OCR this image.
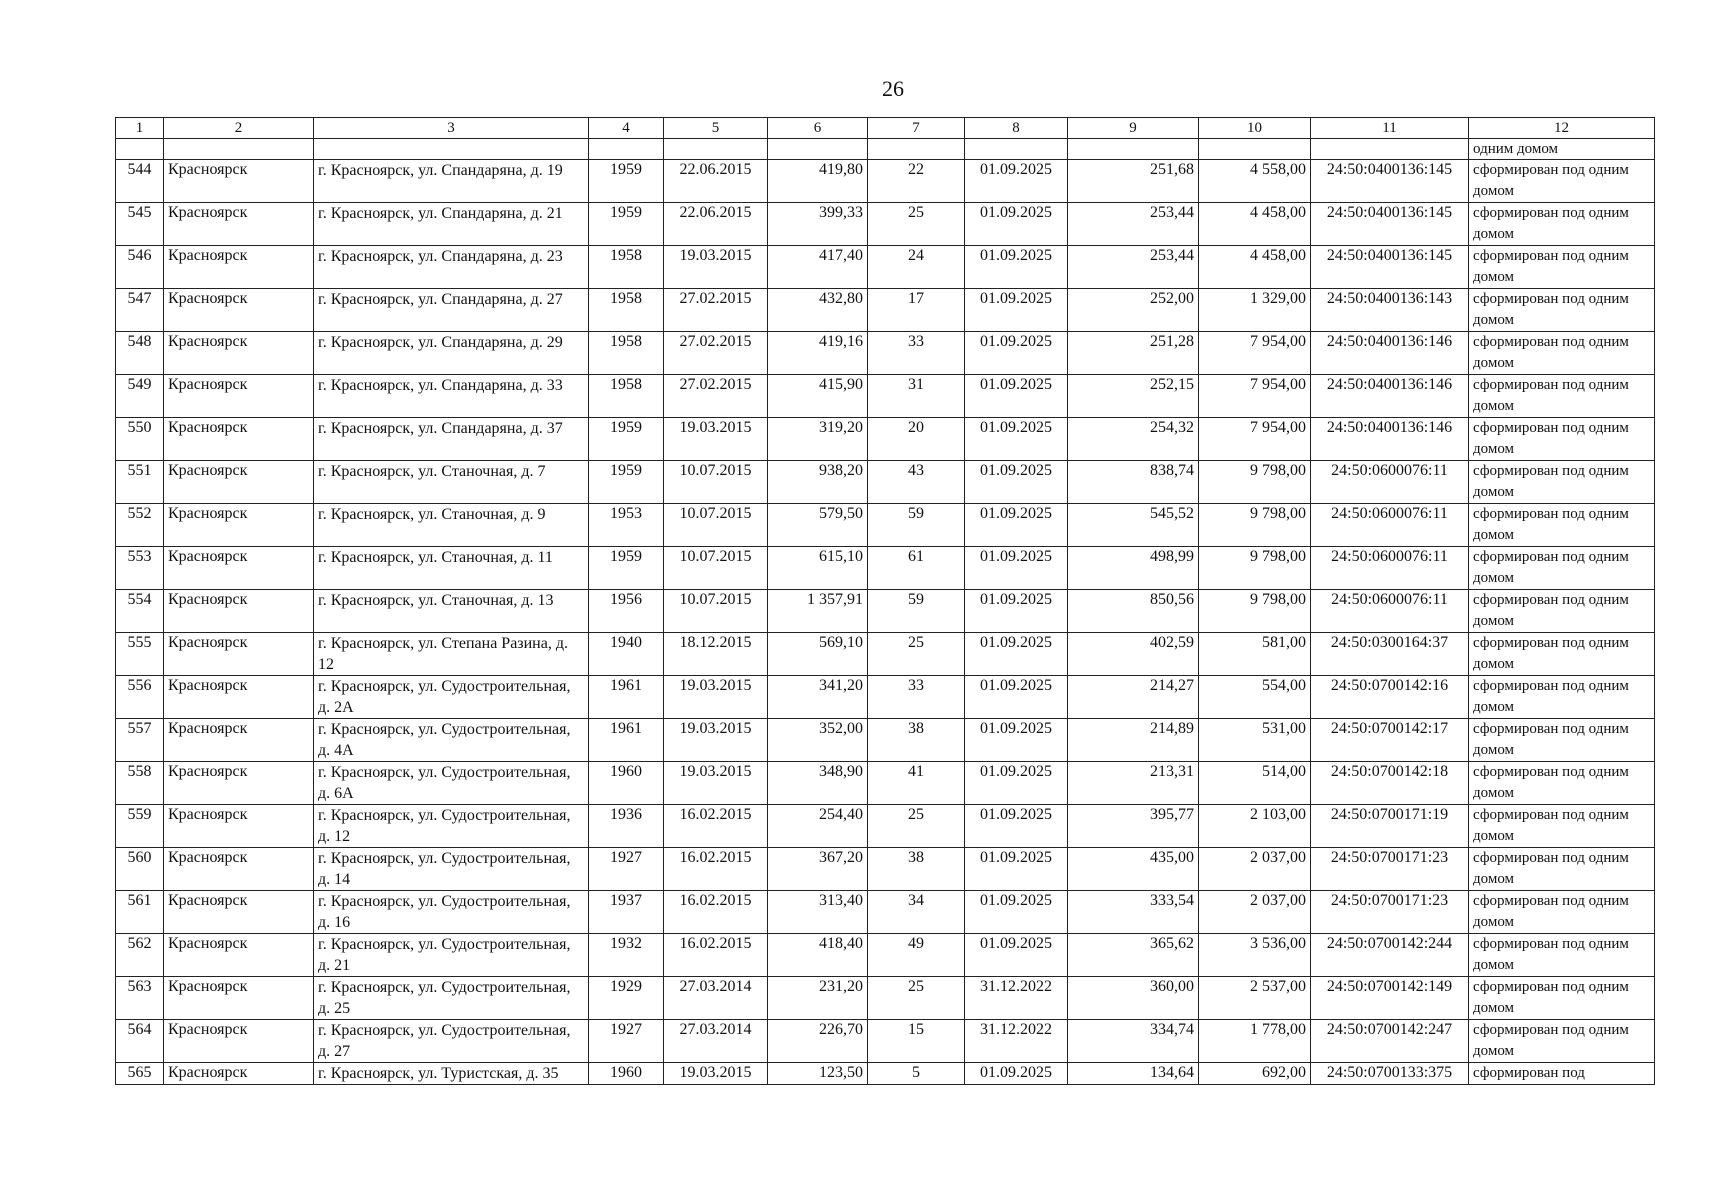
26
1	2	3	4	5	6	7	8	9	10	11	12
											одним домом
544	Красноярск	г. Красноярск, ул. Спандаряна, д. 19	1959	22.06.2015	419,80	22	01.09.2025	251,68	4 558,00	24:50:0400136:145	сформирован под одним домом
545	Красноярск	г. Красноярск, ул. Спандаряна, д. 21	1959	22.06.2015	399,33	25	01.09.2025	253,44	4 458,00	24:50:0400136:145	сформирован под одним домом
546	Красноярск	г. Красноярск, ул. Спандаряна, д. 23	1958	19.03.2015	417,40	24	01.09.2025	253,44	4 458,00	24:50:0400136:145	сформирован под одним домом
547	Красноярск	г. Красноярск, ул. Спандаряна, д. 27	1958	27.02.2015	432,80	17	01.09.2025	252,00	1 329,00	24:50:0400136:143	сформирован под одним домом
548	Красноярск	г. Красноярск, ул. Спандаряна, д. 29	1958	27.02.2015	419,16	33	01.09.2025	251,28	7 954,00	24:50:0400136:146	сформирован под одним домом
549	Красноярск	г. Красноярск, ул. Спандаряна, д. 33	1958	27.02.2015	415,90	31	01.09.2025	252,15	7 954,00	24:50:0400136:146	сформирован под одним домом
550	Красноярск	г. Красноярск, ул. Спандаряна, д. 37	1959	19.03.2015	319,20	20	01.09.2025	254,32	7 954,00	24:50:0400136:146	сформирован под одним домом
551	Красноярск	г. Красноярск, ул. Станочная, д. 7	1959	10.07.2015	938,20	43	01.09.2025	838,74	9 798,00	24:50:0600076:11	сформирован под одним домом
552	Красноярск	г. Красноярск, ул. Станочная, д. 9	1953	10.07.2015	579,50	59	01.09.2025	545,52	9 798,00	24:50:0600076:11	сформирован под одним домом
553	Красноярск	г. Красноярск, ул. Станочная, д. 11	1959	10.07.2015	615,10	61	01.09.2025	498,99	9 798,00	24:50:0600076:11	сформирован под одним домом
554	Красноярск	г. Красноярск, ул. Станочная, д. 13	1956	10.07.2015	1 357,91	59	01.09.2025	850,56	9 798,00	24:50:0600076:11	сформирован под одним домом
555	Красноярск	г. Красноярск, ул. Степана Разина, д. 12	1940	18.12.2015	569,10	25	01.09.2025	402,59	581,00	24:50:0300164:37	сформирован под одним домом
556	Красноярск	г. Красноярск, ул. Судостроительная, д. 2А	1961	19.03.2015	341,20	33	01.09.2025	214,27	554,00	24:50:0700142:16	сформирован под одним домом
557	Красноярск	г. Красноярск, ул. Судостроительная, д. 4А	1961	19.03.2015	352,00	38	01.09.2025	214,89	531,00	24:50:0700142:17	сформирован под одним домом
558	Красноярск	г. Красноярск, ул. Судостроительная, д. 6А	1960	19.03.2015	348,90	41	01.09.2025	213,31	514,00	24:50:0700142:18	сформирован под одним домом
559	Красноярск	г. Красноярск, ул. Судостроительная, д. 12	1936	16.02.2015	254,40	25	01.09.2025	395,77	2 103,00	24:50:0700171:19	сформирован под одним домом
560	Красноярск	г. Красноярск, ул. Судостроительная, д. 14	1927	16.02.2015	367,20	38	01.09.2025	435,00	2 037,00	24:50:0700171:23	сформирован под одним домом
561	Красноярск	г. Красноярск, ул. Судостроительная, д. 16	1937	16.02.2015	313,40	34	01.09.2025	333,54	2 037,00	24:50:0700171:23	сформирован под одним домом
562	Красноярск	г. Красноярск, ул. Судостроительная, д. 21	1932	16.02.2015	418,40	49	01.09.2025	365,62	3 536,00	24:50:0700142:244	сформирован под одним домом
563	Красноярск	г. Красноярск, ул. Судостроительная, д. 25	1929	27.03.2014	231,20	25	31.12.2022	360,00	2 537,00	24:50:0700142:149	сформирован под одним домом
564	Красноярск	г. Красноярск, ул. Судостроительная, д. 27	1927	27.03.2014	226,70	15	31.12.2022	334,74	1 778,00	24:50:0700142:247	сформирован под одним домом
565	Красноярск	г. Красноярск, ул. Туристская, д. 35	1960	19.03.2015	123,50	5	01.09.2025	134,64	692,00	24:50:0700133:375	сформирован под
